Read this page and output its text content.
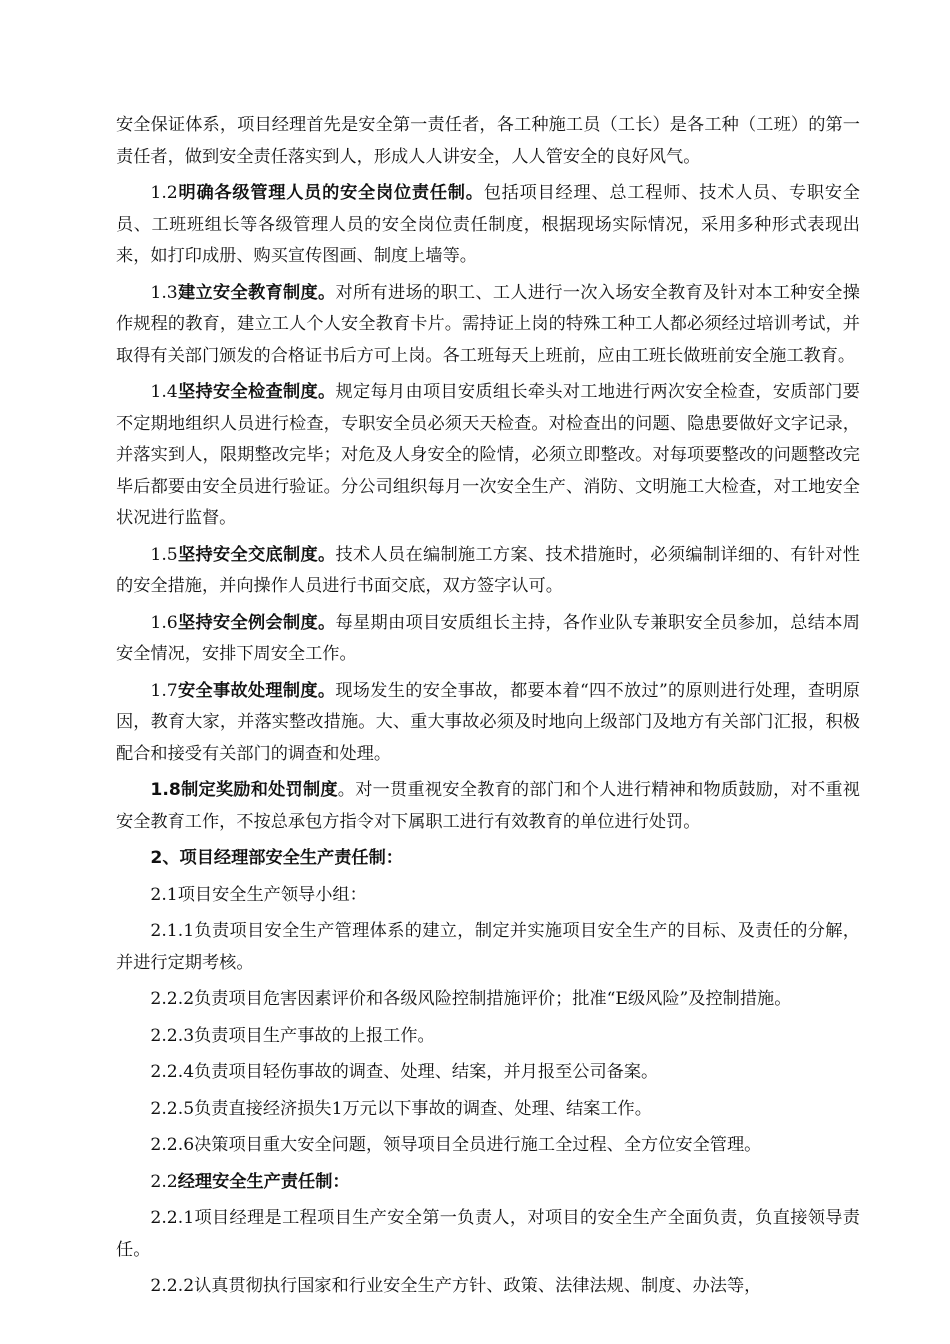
安全保证体系，项目经理首先是安全第一责任者，各工种施工员（工长）是各工种（工班）的第一责任者，做到安全责任落实到人，形成人人讲安全，人人管安全的良好风气。

1.2明确各级管理人员的安全岗位责任制。包括项目经理、总工程师、技术人员、专职安全员、工班班组长等各级管理人员的安全岗位责任制度，根据现场实际情况，采用多种形式表现出来，如打印成册、购买宣传图画、制度上墙等。

1.3建立安全教育制度。对所有进场的职工、工人进行一次入场安全教育及针对本工种安全操作规程的教育，建立工人个人安全教育卡片。需持证上岗的特殊工种工人都必须经过培训考试，并取得有关部门颁发的合格证书后方可上岗。各工班每天上班前，应由工班长做班前安全施工教育。

1.4坚持安全检查制度。规定每月由项目安质组长牵头对工地进行两次安全检查，安质部门要不定期地组织人员进行检查，专职安全员必须天天检查。对检查出的问题、隐患要做好文字记录，并落实到人，限期整改完毕；对危及人身安全的险情，必须立即整改。对每项要整改的问题整改完毕后都要由安全员进行验证。分公司组织每月一次安全生产、消防、文明施工大检查，对工地安全状况进行监督。

1.5坚持安全交底制度。技术人员在编制施工方案、技术措施时，必须编制详细的、有针对性的安全措施，并向操作人员进行书面交底，双方签字认可。

1.6坚持安全例会制度。每星期由项目安质组长主持，各作业队专兼职安全员参加，总结本周安全情况，安排下周安全工作。

1.7安全事故处理制度。现场发生的安全事故，都要本着“四不放过”的原则进行处理，查明原因，教育大家，并落实整改措施。大、重大事故必须及时地向上级部门及地方有关部门汇报，积极配合和接受有关部门的调查和处理。

1.8制定奖励和处罚制度。对一贯重视安全教育的部门和个人进行精神和物质鼓励，对不重视安全教育工作，不按总承包方指令对下属职工进行有效教育的单位进行处罚。

2、项目经理部安全生产责任制：

2.1项目安全生产领导小组：

2.1.1负责项目安全生产管理体系的建立，制定并实施项目安全生产的目标、及责任的分解，并进行定期考核。

2.2.2负责项目危害因素评价和各级风险控制措施评价；批准“E级风险”及控制措施。

2.2.3负责项目生产事故的上报工作。

2.2.4负责项目轻伤事故的调查、处理、结案，并月报至公司备案。

2.2.5负责直接经济损失1万元以下事故的调查、处理、结案工作。

2.2.6决策项目重大安全问题，领导项目全员进行施工全过程、全方位安全管理。

2.2经理安全生产责任制：

2.2.1项目经理是工程项目生产安全第一负责人，对项目的安全生产全面负责，负直接领导责任。

2.2.2认真贯彻执行国家和行业安全生产方针、政策、法律法规、制度、办法等，
